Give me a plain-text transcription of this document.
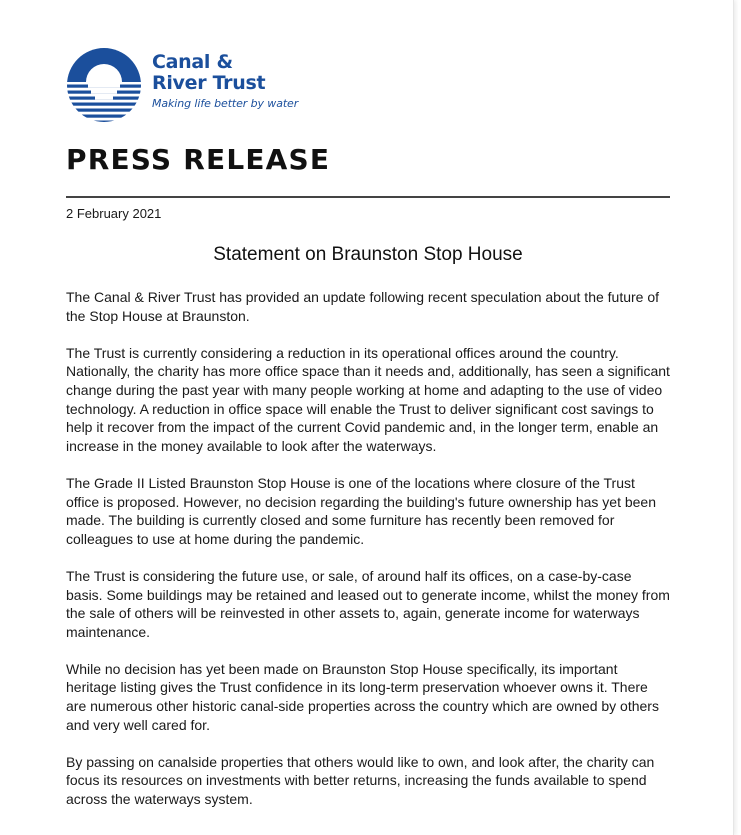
Canal &
River Trust
Making life better by water
PRESS RELEASE
2 February 2021
Statement on Braunston Stop House

The Canal & River Trust has provided an update following recent speculation about the future of the Stop House at Braunston.

The Trust is currently considering a reduction in its operational offices around the country. Nationally, the charity has more office space than it needs and, additionally, has seen a significant change during the past year with many people working at home and adapting to the use of video technology. A reduction in office space will enable the Trust to deliver significant cost savings to help it recover from the impact of the current Covid pandemic and, in the longer term, enable an increase in the money available to look after the waterways.

The Grade II Listed Braunston Stop House is one of the locations where closure of the Trust office is proposed. However, no decision regarding the building's future ownership has yet been made. The building is currently closed and some furniture has recently been removed for colleagues to use at home during the pandemic.

The Trust is considering the future use, or sale, of around half its offices, on a case-by-case basis. Some buildings may be retained and leased out to generate income, whilst the money from the sale of others will be reinvested in other assets to, again, generate income for waterways maintenance.

While no decision has yet been made on Braunston Stop House specifically, its important heritage listing gives the Trust confidence in its long-term preservation whoever owns it. There are numerous other historic canal-side properties across the country which are owned by others and very well cared for.

By passing on canalside properties that others would like to own, and look after, the charity can focus its resources on investments with better returns, increasing the funds available to spend across the waterways system.
